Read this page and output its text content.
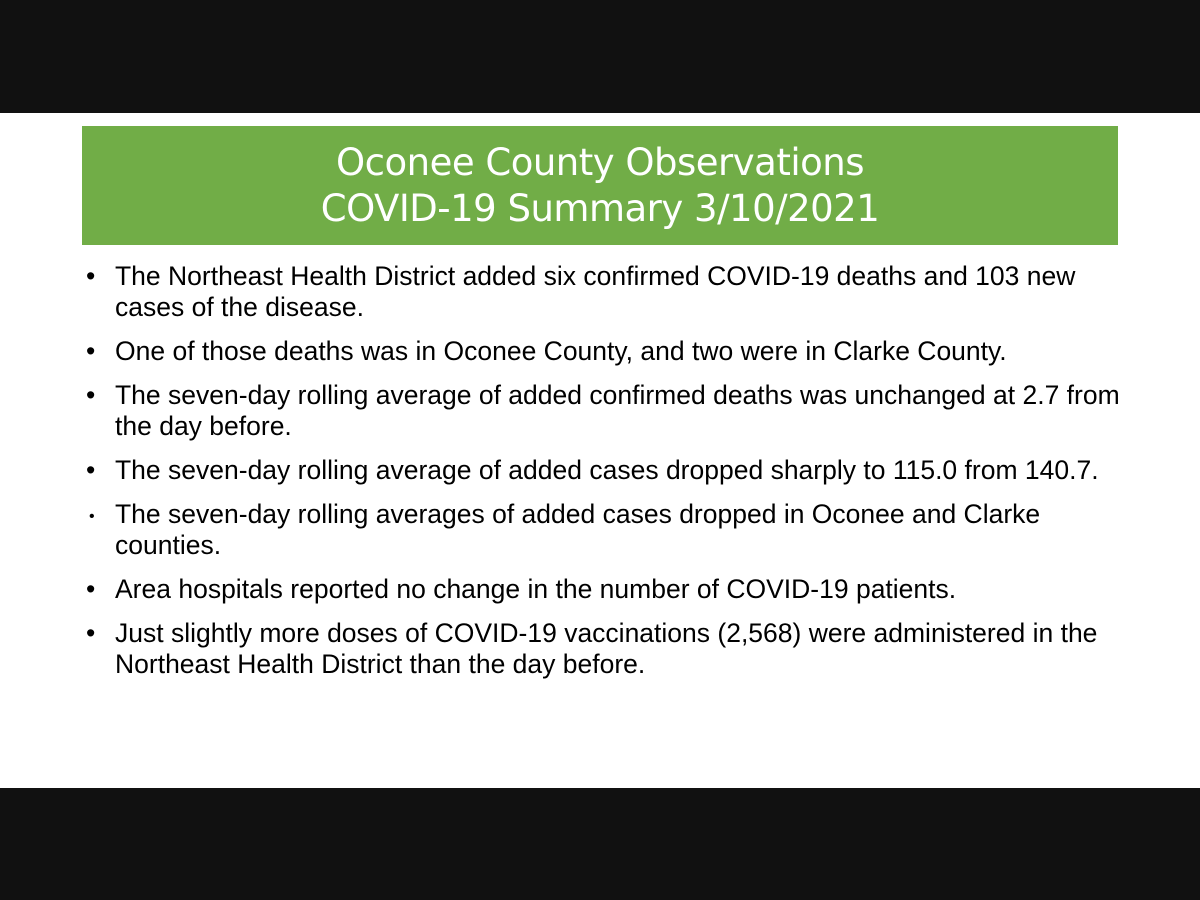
Oconee County Observations
COVID-19 Summary 3/10/2021
• The Northeast Health District added six confirmed COVID-19 deaths and 103 new cases of the disease.
• One of those deaths was in Oconee County, and two were in Clarke County.
• The seven-day rolling average of added confirmed deaths was unchanged at 2.7 from the day before.
• The seven-day rolling average of added cases dropped sharply to 115.0 from 140.7.
• The seven-day rolling averages of added cases dropped in Oconee and Clarke counties.
• Area hospitals reported no change in the number of COVID-19 patients.
• Just slightly more doses of COVID-19 vaccinations (2,568) were administered in the Northeast Health District than the day before.
